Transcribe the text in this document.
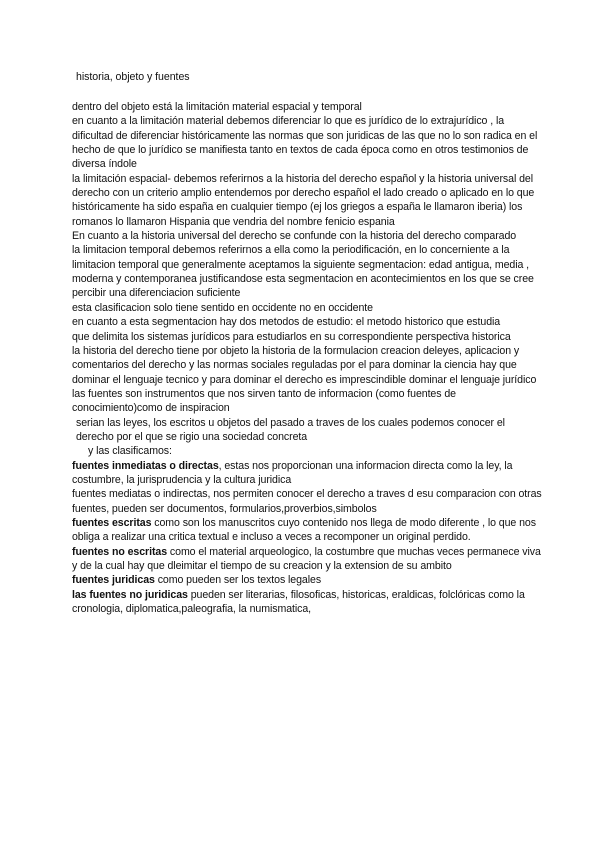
historia, objeto y fuentes

dentro del objeto está la limitación material espacial y temporal

en cuanto a la limitación material debemos diferenciar lo que es jurídico de lo extrajurídico , la dificultad de diferenciar históricamente las normas que son juridicas de las que no lo son radica en el hecho de que lo jurídico se manifiesta tanto en textos de cada época como en otros testimonios de diversa índole

la limitación espacial- debemos referirnos a la historia del derecho español y la historia universal del derecho con un criterio amplio entendemos por derecho español el lado creado o aplicado en lo que históricamente ha sido españa en cualquier tiempo (ej los griegos a españa le llamaron iberia) los romanos lo llamaron Hispania que vendria del nombre fenicio espania

En cuanto a la historia universal del derecho se confunde con la historia del derecho comparado

la limitacion temporal debemos referirnos a ella como la periodificación, en lo concerniente a la limitacion temporal que generalmente aceptamos la siguiente segmentacion: edad antigua, media , moderna y contemporanea justificandose esta segmentacion en acontecimientos en los que se cree percibir una diferenciacion suficiente

esta clasificacion solo tiene sentido en occidente no en occidente

en cuanto a esta segmentacion hay dos metodos de estudio: el metodo historico que estudia

que delimita los sistemas jurídicos para estudiarlos en su correspondiente perspectiva historica

la historia del derecho tiene por objeto la historia de la formulacion creacion deleyes, aplicacion y comentarios del derecho y las normas sociales reguladas por el para dominar la ciencia hay que dominar el lenguaje tecnico y para dominar el derecho es imprescindible dominar el lenguaje jurídico

las fuentes son instrumentos que nos sirven tanto de informacion (como fuentes de conocimiento)como de inspiracion

serian las leyes, los escritos u objetos del pasado a traves de los cuales podemos conocer el derecho por el que se rigio una sociedad concreta

y las clasificamos:

fuentes inmediatas o directas, estas nos proporcionan una informacion directa como la ley, la costumbre, la jurisprudencia y la cultura juridica

fuentes mediatas o indirectas, nos permiten conocer el derecho a traves d esu comparacion con otras fuentes, pueden ser documentos, formularios,proverbios,simbolos

fuentes escritas como son los manuscritos cuyo contenido nos llega de modo diferente , lo que nos obliga a realizar una critica textual e incluso a veces a recomponer un original perdido.

fuentes no escritas como el material arqueologico, la costumbre que muchas veces permanece viva y de la cual hay que dleimitar el tiempo de su creacion y la extension de su ambito

fuentes juridicas como pueden ser los textos legales

las fuentes no juridicas pueden ser literarias, filosoficas, historicas, eraldicas, folclóricas como la cronologia, diplomatica,paleografia, la numismatica,
